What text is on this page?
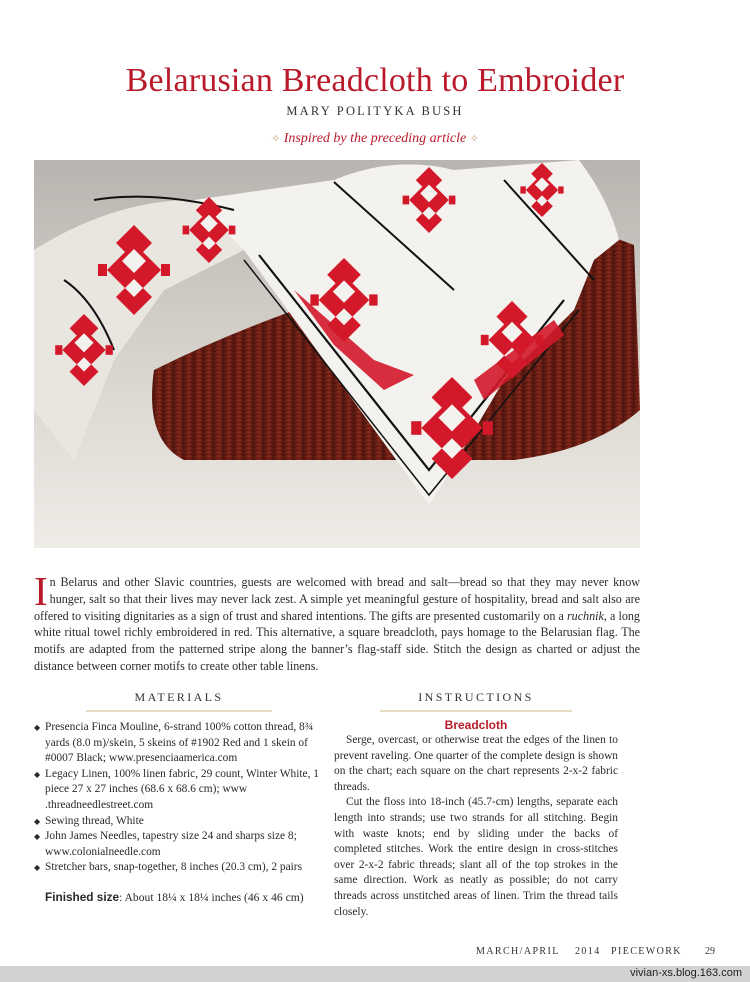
Belarusian Breadcloth to Embroider
MARY POLITYKA BUSH
✧ Inspired by the preceding article ✧
In Belarus and other Slavic countries, guests are welcomed with bread and salt—bread so that they may never know hunger, salt so that their lives may never lack zest. A simple yet meaningful gesture of hospitality, bread and salt also are offered to visiting dignitaries as a sign of trust and shared intentions. The gifts are presented customarily on a ruchnik, a long white ritual towel richly embroidered in red. This alternative, a square breadcloth, pays homage to the Belarusian flag. The motifs are adapted from the patterned stripe along the banner’s flag-staff side. Stitch the design as charted or adjust the distance between corner motifs to create other table linens.
MATERIALS
◆ Presencia Finca Mouline, 6-strand 100% cotton thread, 8¾ yards (8.0 m)/skein, 5 skeins of #1902 Red and 1 skein of #0007 Black; www.presenciaamerica.com
◆ Legacy Linen, 100% linen fabric, 29 count, Winter White, 1 piece 27 x 27 inches (68.6 x 68.6 cm); www .threadneedlestreet.com
◆ Sewing thread, White
◆ John James Needles, tapestry size 24 and sharps size 8; www.colonialneedle.com
◆ Stretcher bars, snap-together, 8 inches (20.3 cm), 2 pairs
Finished size: About 18¼ x 18¼ inches (46 x 46 cm)
INSTRUCTIONS
Breadcloth

Serge, overcast, or otherwise treat the edges of the linen to prevent raveling. One quarter of the complete design is shown on the chart; each square on the chart represents 2-x-2 fabric threads.

Cut the floss into 18-inch (45.7-cm) lengths, separate each length into strands; use two strands for all stitching. Begin with waste knots; end by sliding under the backs of completed stitches. Work the entire design in cross-stitches over 2-x-2 fabric threads; slant all of the top strokes in the same direction. Work as neatly as possible; do not carry threads across unstitched areas of linen. Trim the thread tails closely.

MARCH/APRIL 2014 PIECEWORK 29
vivian-xs.blog.163.com
